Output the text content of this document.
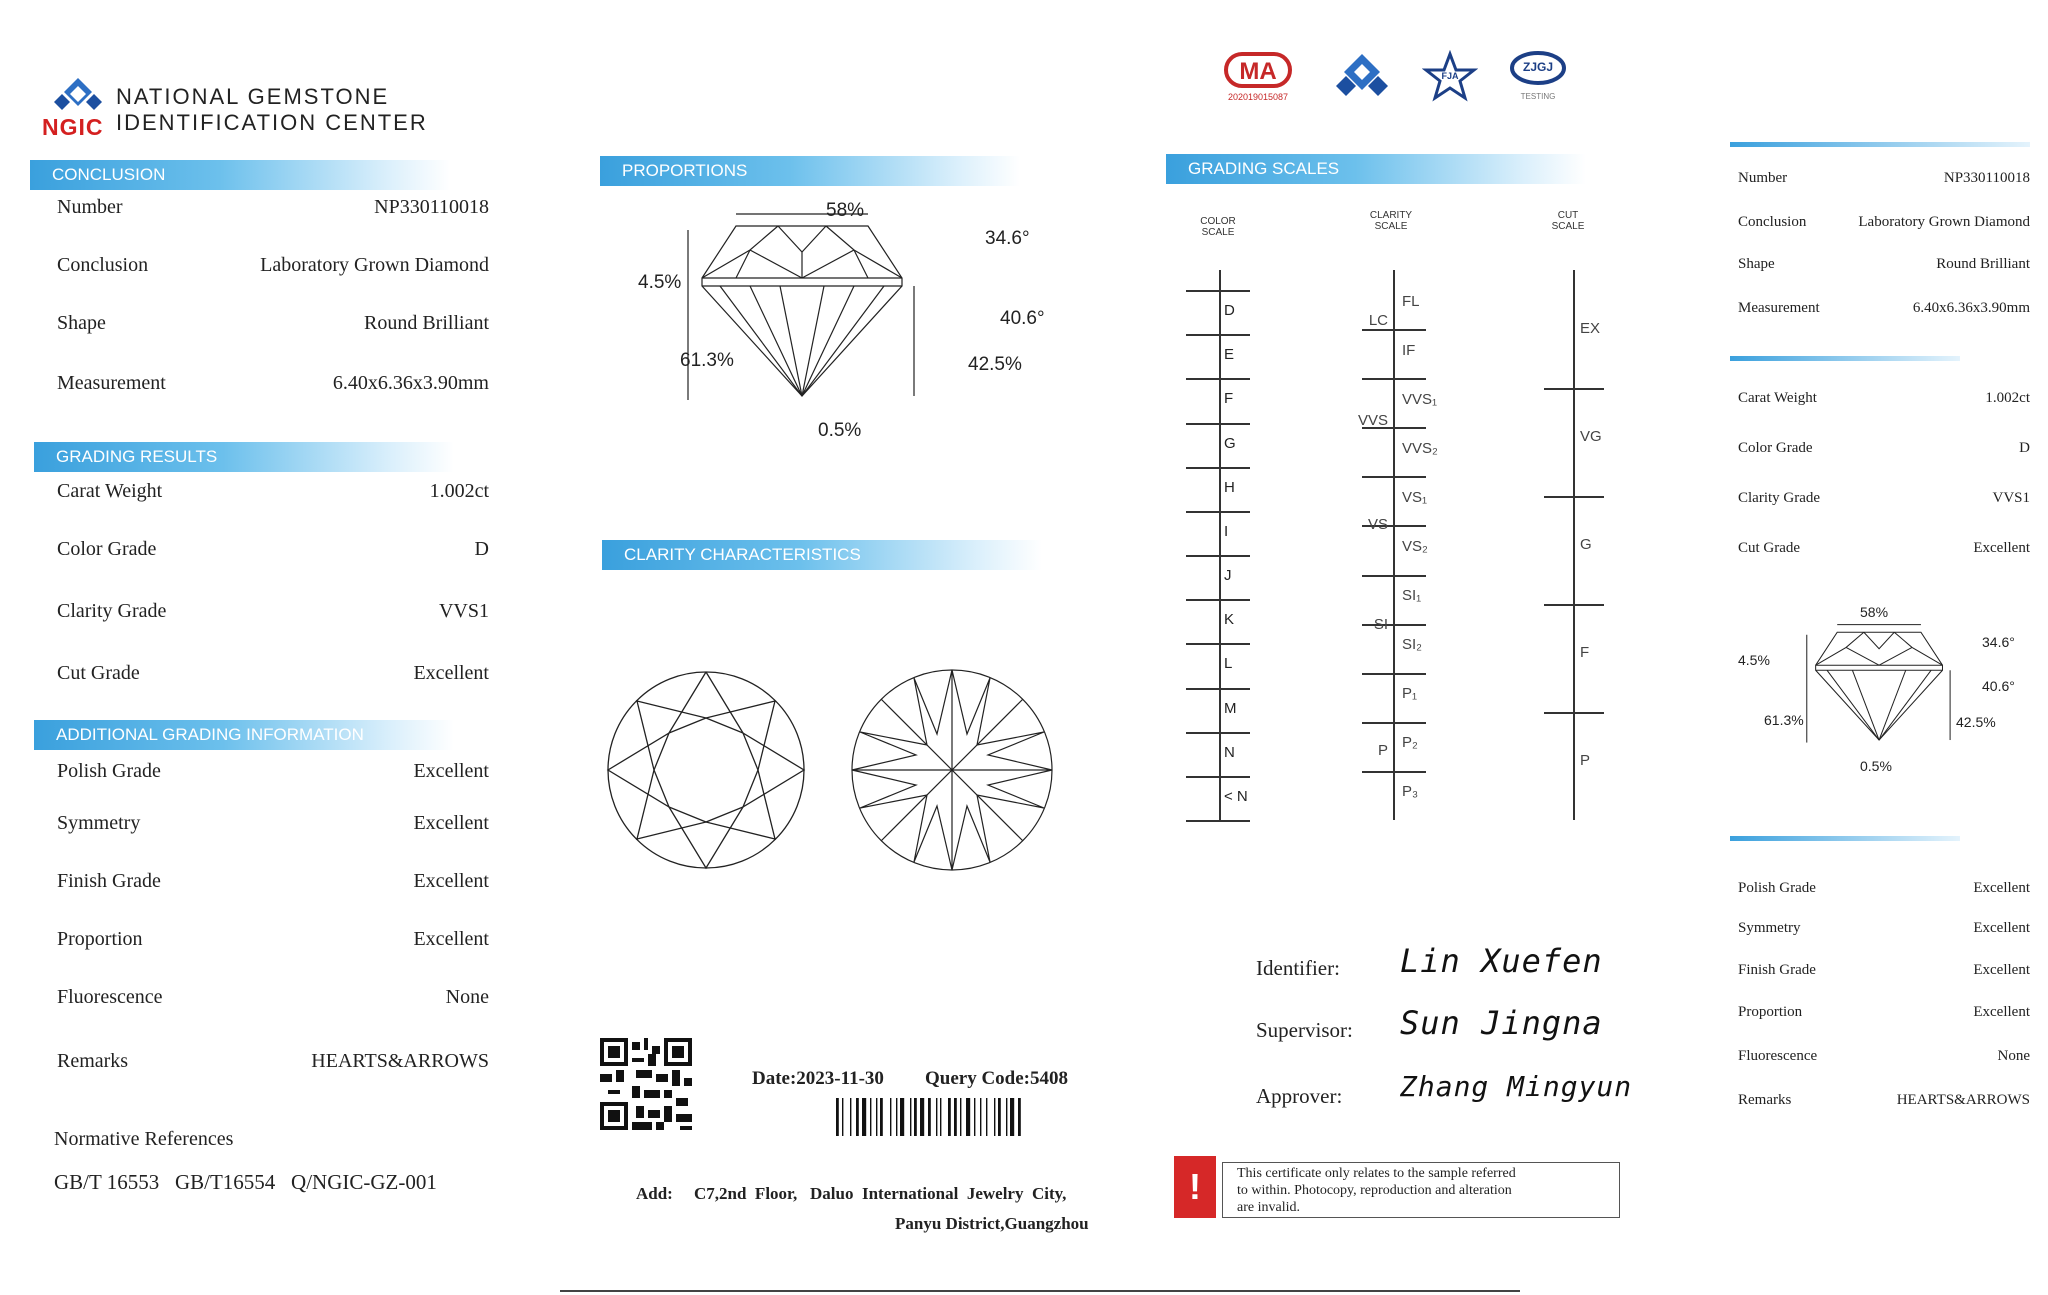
NGIC
NATIONAL GEMSTONE
IDENTIFICATION CENTER
CONCLUSION
Number	NP330110018
Conclusion	Laboratory Grown Diamond
Shape	Round Brilliant
Measurement	6.40x6.36x3.90mm
GRADING RESULTS
Carat Weight	1.002ct
Color Grade	D
Clarity Grade	VVS1
Cut Grade	Excellent
ADDITIONAL GRADING INFORMATION
Polish Grade	Excellent
Symmetry	Excellent
Finish Grade	Excellent
Proportion	Excellent
Fluorescence	None
Remarks	HEARTS&ARROWS
Normative References
GB/T 16553   GB/T16554   Q/NGIC-GZ-001
PROPORTIONS
58%
34.6°
4.5%
40.6°
61.3%	42.5%
0.5%
CLARITY CHARACTERISTICS
Date:2023-11-30 Query Code:5408
Add: C7,2nd  Floor,   Daluo  International  Jewelry  City,
Panyu District,Guangzhou
MA
202019015087
FJA
ZJGJ
TESTING
GRADING SCALES
COLOR
SCALE
CLARITY
SCALE
CUT
SCALE
D
E
F
G
H
I
J
K
L
M
N
< N
FL
IF
VVS₁
VVS₂
VS₁
VS₂
SI₁
SI₂
P₁
P₂
P₃
LC
VVS
VS
SI
P
EX
VG
G
F
P
Identifier: Lin Xuefen
Supervisor: Sun Jingna
Approver: Zhang Mingyun
!	This certificate only relates to the sample referred
to within. Photocopy, reproduction and alteration
are invalid.
Number	NP330110018
Conclusion	Laboratory Grown Diamond
Shape	Round Brilliant
Measurement	6.40x6.36x3.90mm
Carat Weight	1.002ct
Color Grade	D
Clarity Grade	VVS1
Cut Grade	Excellent
58%
34.6°
4.5%
40.6°
61.3%	42.5%
0.5%
Polish Grade	Excellent
Symmetry	Excellent
Finish Grade	Excellent
Proportion	Excellent
Fluorescence	None
Remarks	HEARTS&ARROWS
